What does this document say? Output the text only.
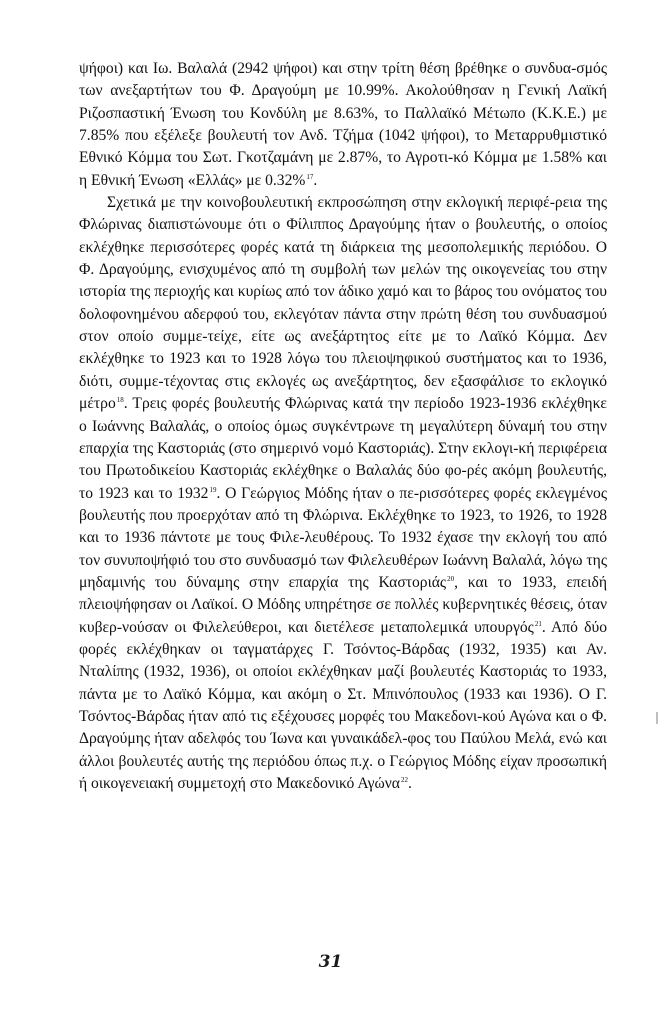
ψήφοι) και Ιω. Βαλαλά (2942 ψήφοι) και στην τρίτη θέση βρέθηκε ο συνδυα-σμός των ανεξαρτήτων του Φ. Δραγούμη με 10.99%. Ακολούθησαν η Γενική Λαϊκή Ριζοσπαστική Ένωση του Κονδύλη με 8.63%, το Παλλαϊκό Μέτωπο (Κ.Κ.Ε.) με 7.85% που εξέλεξε βουλευτή τον Ανδ. Τζήμα (1042 ψήφοι), το Μεταρρυθμιστικό Εθνικό Κόμμα του Σωτ. Γκοτζαμάνη με 2.87%, το Αγροτι-κό Κόμμα με 1.58% και η Εθνική Ένωση «Ελλάς» με 0.32%$^{17}$.

Σχετικά με την κοινοβουλευτική εκπροσώπηση στην εκλογική περιφέ-ρεια της Φλώρινας διαπιστώνουμε ότι ο Φίλιππος Δραγούμης ήταν ο βουλευτής, ο οποίος εκλέχθηκε περισσότερες φορές κατά τη διάρκεια της μεσοπολεμικής περιόδου. Ο Φ. Δραγούμης, ενισχυμένος από τη συμβολή των μελών της οικογενείας του στην ιστορία της περιοχής και κυρίως από τον άδικο χαμό και το βάρος του ονόματος του δολοφονημένου αδερφού του, εκλεγόταν πάντα στην πρώτη θέση του συνδυασμού στον οποίο συμμε-τείχε, είτε ως ανεξάρτητος είτε με το Λαϊκό Κόμμα. Δεν εκλέχθηκε το 1923 και το 1928 λόγω του πλειοψηφικού συστήματος και το 1936, διότι, συμμε-τέχοντας στις εκλογές ως ανεξάρτητος, δεν εξασφάλισε το εκλογικό μέτρο$^{18}$. Τρεις φορές βουλευτής Φλώρινας κατά την περίοδο 1923-1936 εκλέχθηκε ο Ιωάννης Βαλαλάς, ο οποίος όμως συγκέντρωνε τη μεγαλύτερη δύναμή του στην επαρχία της Καστοριάς (στο σημερινό νομό Καστοριάς). Στην εκλογι-κή περιφέρεια του Πρωτοδικείου Καστοριάς εκλέχθηκε ο Βαλαλάς δύο φο-ρές ακόμη βουλευτής, το 1923 και το 1932$^{19}$. Ο Γεώργιος Μόδης ήταν ο πε-ρισσότερες φορές εκλεγμένος βουλευτής που προερχόταν από τη Φλώρινα. Εκλέχθηκε το 1923, το 1926, το 1928 και το 1936 πάντοτε με τους Φιλε-λευθέρους. Το 1932 έχασε την εκλογή του από τον συνυποψήφιό του στο συνδυασμό των Φιλελευθέρων Ιωάννη Βαλαλά, λόγω της μηδαμινής του δύναμης στην επαρχία της Καστοριάς$^{20}$, και το 1933, επειδή πλειοψήφησαν οι Λαϊκοί. Ο Μόδης υπηρέτησε σε πολλές κυβερνητικές θέσεις, όταν κυβερ-νούσαν οι Φιλελεύθεροι, και διετέλεσε μεταπολεμικά υπουργός$^{21}$. Από δύο φορές εκλέχθηκαν οι ταγματάρχες Γ. Τσόντος-Βάρδας (1932, 1935) και Αν. Νταλίπης (1932, 1936), οι οποίοι εκλέχθηκαν μαζί βουλευτές Καστοριάς το 1933, πάντα με το Λαϊκό Κόμμα, και ακόμη ο Στ. Μπινόπουλος (1933 και 1936). Ο Γ. Τσόντος-Βάρδας ήταν από τις εξέχουσες μορφές του Μακεδονι-κού Αγώνα και ο Φ. Δραγούμης ήταν αδελφός του Ίωνα και γυναικάδελ-φος του Παύλου Μελά, ενώ και άλλοι βουλευτές αυτής της περιόδου όπως π.χ. ο Γεώργιος Μόδης είχαν προσωπική ή οικογενειακή συμμετοχή στο Μακεδονικό Αγώνα$^{22}$.

31
